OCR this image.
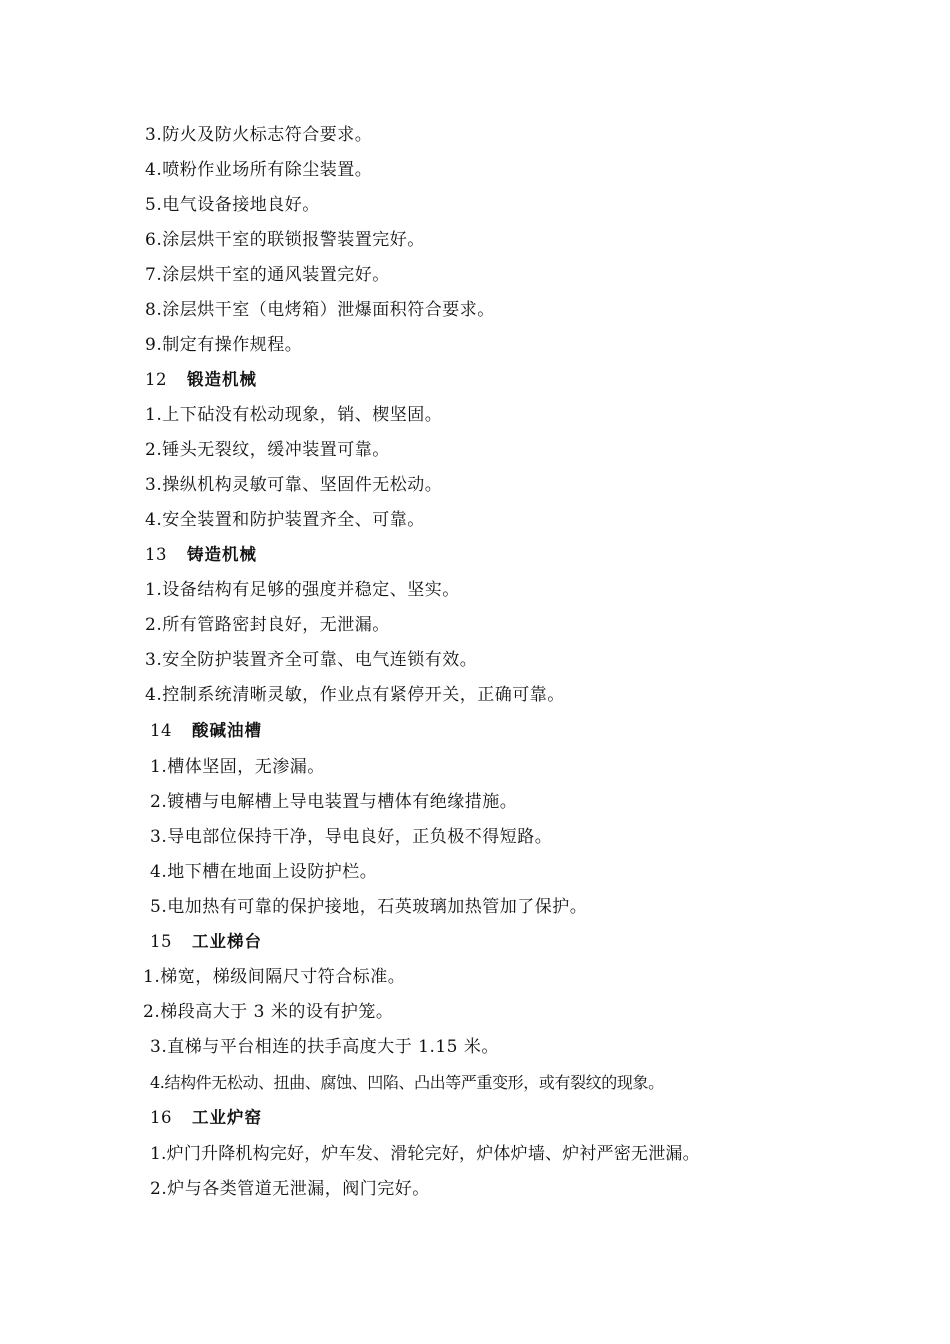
3.防火及防火标志符合要求。
4.喷粉作业场所有除尘装置。
5.电气设备接地良好。
6.涂层烘干室的联锁报警装置完好。
7.涂层烘干室的通风装置完好。
8.涂层烘干室（电烤箱）泄爆面积符合要求。
9.制定有操作规程。
12 锻造机械
1.上下砧没有松动现象，销、楔坚固。
2.锤头无裂纹，缓冲装置可靠。
3.操纵机构灵敏可靠、坚固件无松动。
4.安全装置和防护装置齐全、可靠。
13 铸造机械
1.设备结构有足够的强度并稳定、坚实。
2.所有管路密封良好，无泄漏。
3.安全防护装置齐全可靠、电气连锁有效。
4.控制系统清晰灵敏，作业点有紧停开关，正确可靠。
14 酸碱油槽
1.槽体坚固，无渗漏。
2.镀槽与电解槽上导电装置与槽体有绝缘措施。
3.导电部位保持干净，导电良好，正负极不得短路。
4.地下槽在地面上设防护栏。
5.电加热有可靠的保护接地，石英玻璃加热管加了保护。
15 工业梯台
1.梯宽，梯级间隔尺寸符合标准。
2.梯段高大于 3 米的设有护笼。
3.直梯与平台相连的扶手高度大于 1.15 米。
4.结构件无松动、扭曲、腐蚀、凹陷、凸出等严重变形，或有裂纹的现象。
16 工业炉窑
1.炉门升降机构完好，炉车发、滑轮完好，炉体炉墙、炉衬严密无泄漏。
2.炉与各类管道无泄漏，阀门完好。
